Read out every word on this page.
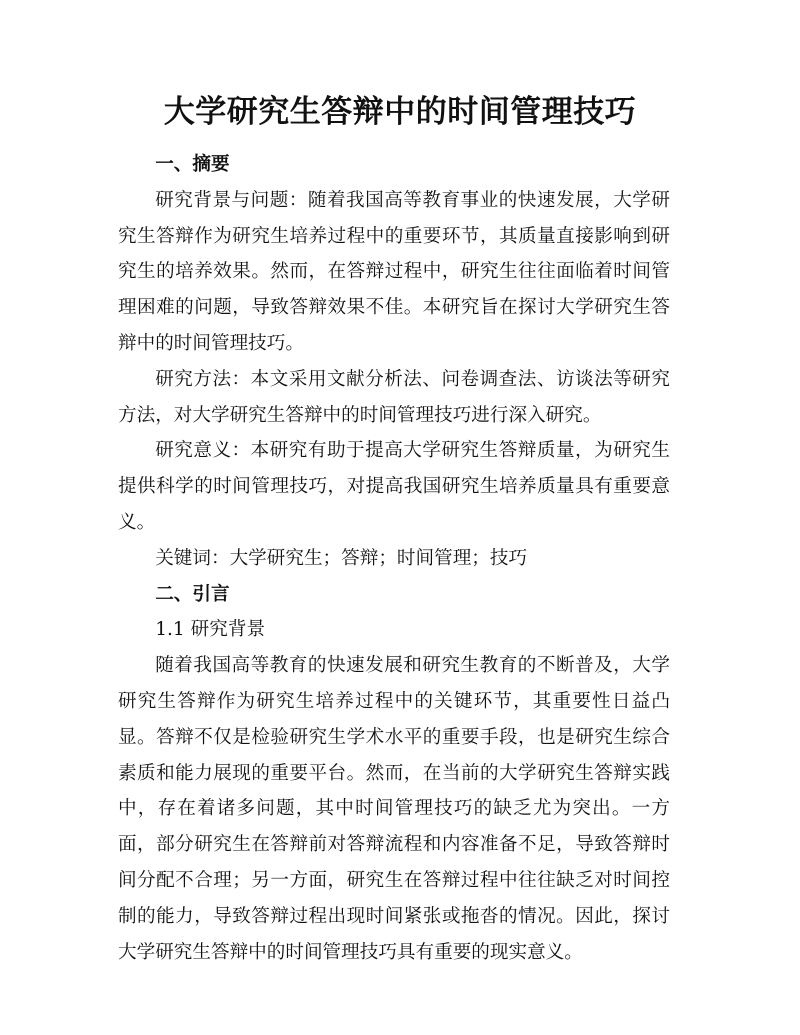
大学研究生答辩中的时间管理技巧

一、摘要

研究背景与问题：随着我国高等教育事业的快速发展，大学研究生答辩作为研究生培养过程中的重要环节，其质量直接影响到研究生的培养效果。然而，在答辩过程中，研究生往往面临着时间管理困难的问题，导致答辩效果不佳。本研究旨在探讨大学研究生答辩中的时间管理技巧。

研究方法：本文采用文献分析法、问卷调查法、访谈法等研究方法，对大学研究生答辩中的时间管理技巧进行深入研究。

研究意义：本研究有助于提高大学研究生答辩质量，为研究生提供科学的时间管理技巧，对提高我国研究生培养质量具有重要意义。

关键词：大学研究生；答辩；时间管理；技巧

二、引言

1.1 研究背景

随着我国高等教育的快速发展和研究生教育的不断普及，大学研究生答辩作为研究生培养过程中的关键环节，其重要性日益凸显。答辩不仅是检验研究生学术水平的重要手段，也是研究生综合素质和能力展现的重要平台。然而，在当前的大学研究生答辩实践中，存在着诸多问题，其中时间管理技巧的缺乏尤为突出。一方面，部分研究生在答辩前对答辩流程和内容准备不足，导致答辩时间分配不合理；另一方面，研究生在答辩过程中往往缺乏对时间控制的能力，导致答辩过程出现时间紧张或拖沓的情况。因此，探讨大学研究生答辩中的时间管理技巧具有重要的现实意义。
